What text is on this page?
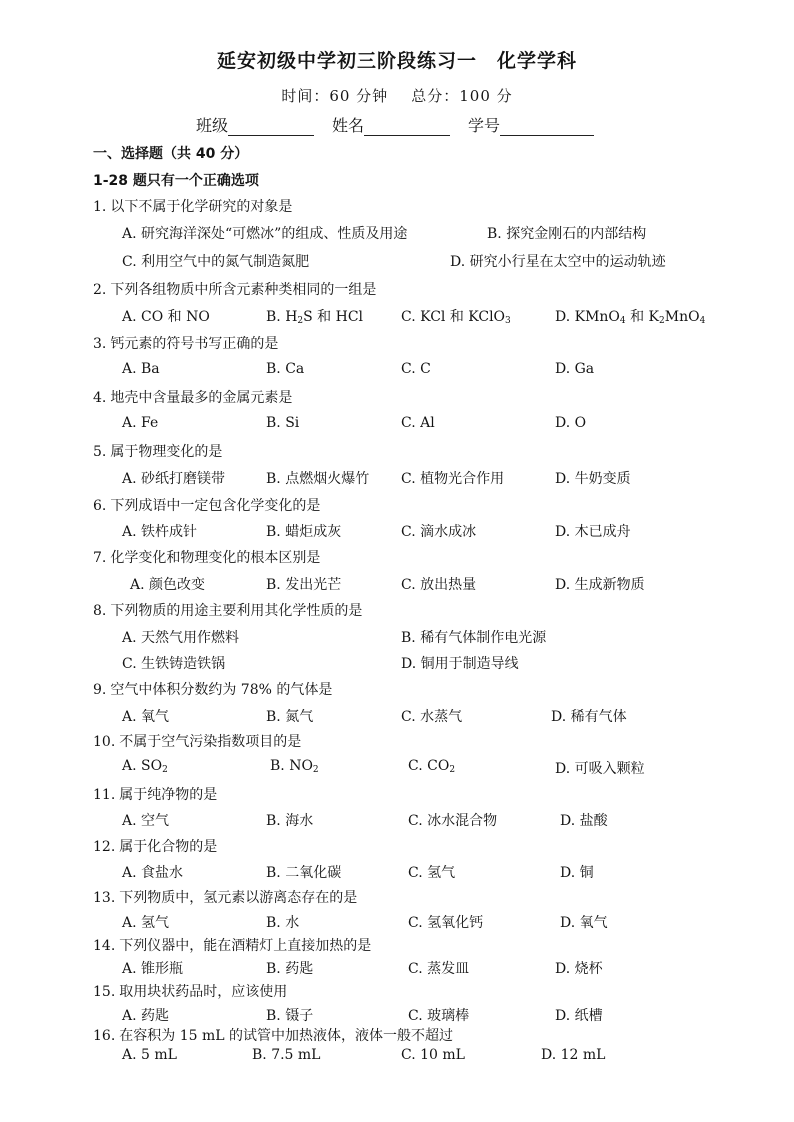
延安初级中学初三阶段练习一　化学学科
时间：60 分钟 总分：100 分
班级	姓名	学号
一、选择题（共 40 分）
1-28 题只有一个正确选项
1. 以下不属于化学研究的对象是
A. 研究海洋深处“可燃冰”的组成、性质及用途	B. 探究金刚石的内部结构
C. 利用空气中的氮气制造氮肥	D. 研究小行星在太空中的运动轨迹
2. 下列各组物质中所含元素种类相同的一组是
A. CO 和 NO	B. $H_2S$ 和 HCl	C. KCl 和 KClO$_3$	D. KMnO$_4$ 和 $K_2MnO_4$
3. 钙元素的符号书写正确的是
A. Ba	B. Ca	C. C	D. Ga
4. 地壳中含量最多的金属元素是
A. Fe	B. Si	C. Al	D. O
5. 属于物理变化的是
A. 砂纸打磨镁带	B. 点燃烟火爆竹 C. 植物光合作用	D. 牛奶变质
6. 下列成语中一定包含化学变化的是
A. 铁杵成针	B. 蜡炬成灰	C. 滴水成冰	D. 木已成舟
7. 化学变化和物理变化的根本区别是
A. 颜色改变	B. 发出光芒	C. 放出热量	D. 生成新物质
8. 下列物质的用途主要利用其化学性质的是
A. 天然气用作燃料	B. 稀有气体制作电光源
C. 生铁铸造铁锅	D. 铜用于制造导线
9. 空气中体积分数约为 78% 的气体是
A. 氧气	B. 氮气	C. 水蒸气	D. 稀有气体
10. 不属于空气污染指数项目的是
A. $SO_2$	B. $NO_2$	C. $CO_2$	D. 可吸入颗粒
11. 属于纯净物的是
A. 空气	B. 海水	C. 冰水混合物	D. 盐酸
12. 属于化合物的是
A. 食盐水	B. 二氧化碳	C. 氢气	D. 铜
13. 下列物质中，氢元素以游离态存在的是
A. 氢气	B. 水	C. 氢氧化钙	D. 氧气
14. 下列仪器中，能在酒精灯上直接加热的是
A. 锥形瓶	B. 药匙	C. 蒸发皿	D. 烧杯
15. 取用块状药品时，应该使用
A. 药匙	B. 镊子	C. 玻璃棒	D. 纸槽
16. 在容积为 15 mL 的试管中加热液体，液体一般不超过
A. 5 mL	B. 7.5 mL	C. 10 mL	D. 12 mL
